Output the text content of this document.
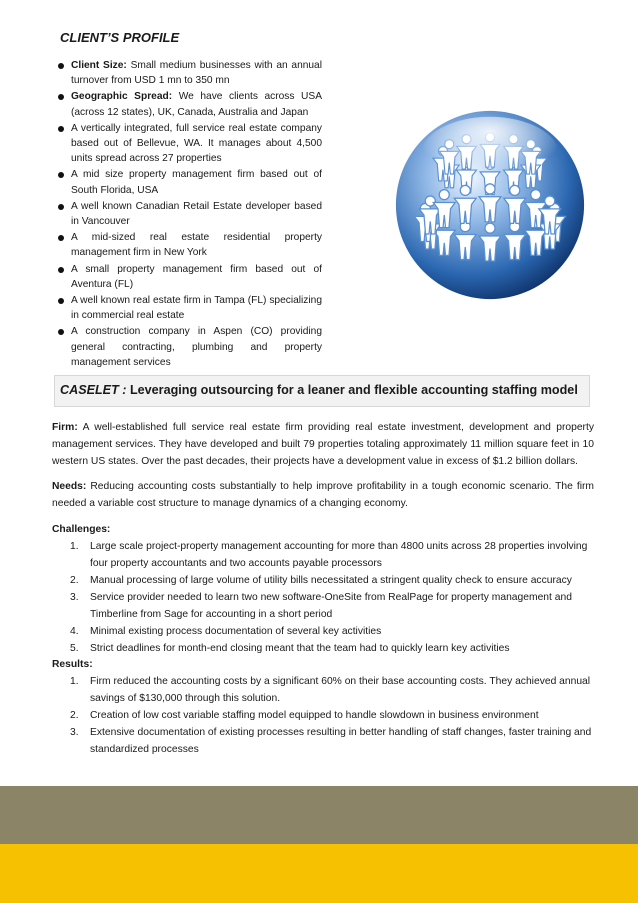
CLIENT’S PROFILE
Client Size: Small medium businesses with an annual turnover from USD 1 mn to 350 mn
Geographic Spread: We have clients across USA (across 12 states), UK, Canada, Australia and Japan
A vertically integrated, full service real estate company based out of Bellevue, WA. It manages about 4,500 units spread across 27 properties
A mid size property management firm based out of South Florida, USA
A well known Canadian Retail Estate developer based in Vancouver
A mid-sized real estate residential property management firm in New York
A small property management firm based out of Aventura (FL)
A well known real estate firm in Tampa (FL) specializing in commercial real estate
A construction company in Aspen (CO) providing general contracting, plumbing and property management services
CASELET : Leveraging outsourcing for a leaner and flexible accounting staffing model

Firm: A well-established full service real estate firm providing real estate investment, development and property management services. They have developed and built 79 properties totaling approximately 11 million square feet in 10 western US states. Over the past decades, their projects have a development value in excess of $1.2 billion dollars.

Needs: Reducing accounting costs substantially to help improve profitability in a tough economic scenario. The firm needed a variable cost structure to manage dynamics of a changing economy.

Challenges:

1. Large scale project-property management accounting for more than 4800 units across 28 properties involving four property accountants and two accounts payable processors
2. Manual processing of large volume of utility bills necessitated a stringent quality check to ensure accuracy
3. Service provider needed to learn two new software-OneSite from RealPage for property management and Timberline from Sage for accounting in a short period
4. Minimal existing process documentation of several key activities
5. Strict deadlines for month-end closing meant that the team had to quickly learn key activities

Results:

1. Firm reduced the accounting costs by a significant 60% on their base accounting costs. They achieved annual savings of $130,000 through this solution.
2. Creation of low cost variable staffing model equipped to handle slowdown in business environment
3. Extensive documentation of existing processes resulting in better handling of staff changes, faster training and standardized processes
